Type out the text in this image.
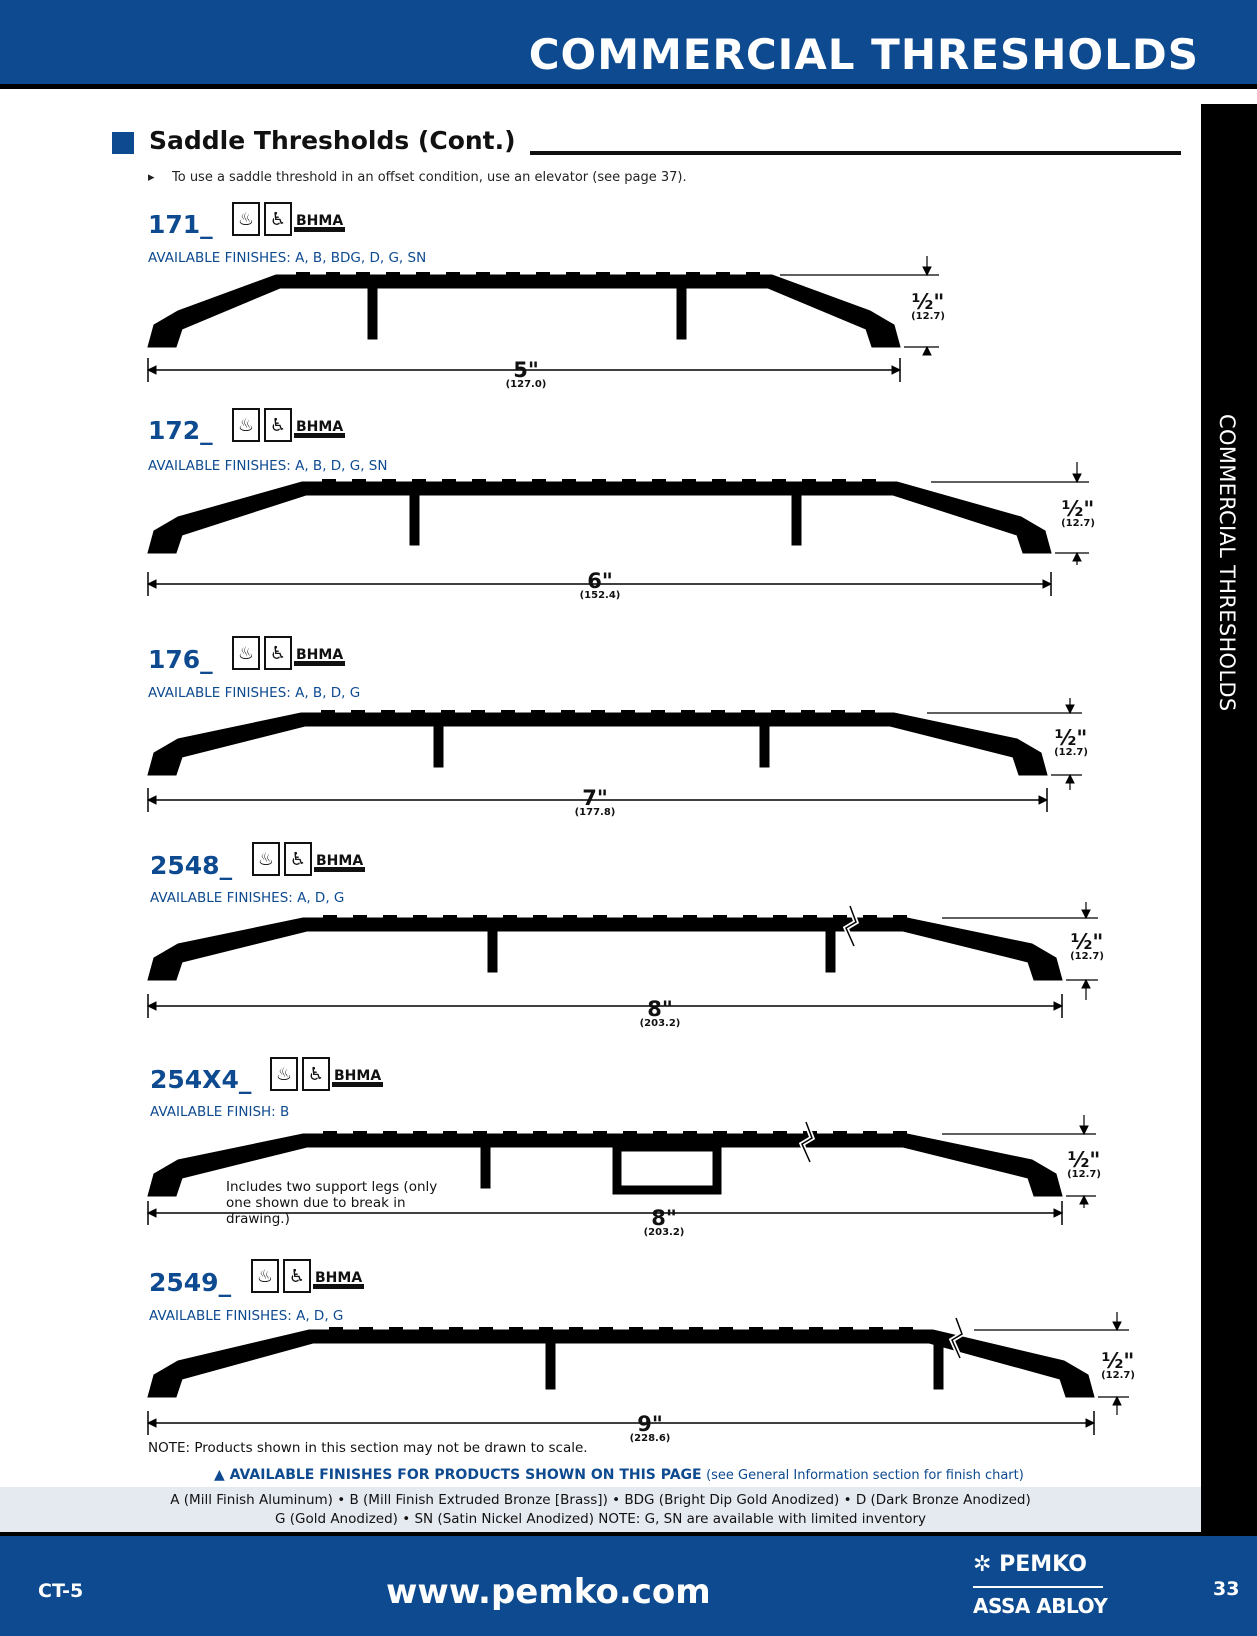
COMMERCIAL THRESHOLDS
COMMERCIAL THRESHOLDS
Saddle Thresholds (Cont.)
▸ To use a saddle threshold in an offset condition, use an elevator (see page 37).
171_
AVAILABLE FINISHES: A, B, BDG, D, G, SN
♨ ♿ BHMA
172_
AVAILABLE FINISHES: A, B, D, G, SN
♨ ♿ BHMA
176_
AVAILABLE FINISHES: A, B, D, G
♨ ♿ BHMA
2548_
AVAILABLE FINISHES: A, D, G
♨ ♿ BHMA
254X4_
AVAILABLE FINISH: B
♨ ♿ BHMA
2549_
AVAILABLE FINISHES: A, D, G
♨ ♿ BHMA
5"
(127.0)
½"
(12.7)
6"
(152.4)
½"
(12.7)
7"
(177.8)
½"
(12.7)
8"
(203.2)
½"
(12.7)
8"
(203.2)
½"
(12.7)
9"
(228.6)
½"
(12.7)
Includes two support legs (only one shown due to break in drawing.)
NOTE: Products shown in this section may not be drawn to scale.
▲ AVAILABLE FINISHES FOR PRODUCTS SHOWN ON THIS PAGE (see General Information section for finish chart)
A (Mill Finish Aluminum) • B (Mill Finish Extruded Bronze [Brass]) • BDG (Bright Dip Gold Anodized) • D (Dark Bronze Anodized)
G (Gold Anodized) • SN (Satin Nickel Anodized) NOTE: G, SN are available with limited inventory
CT-5	www.pemko.com
✲ PEMKO
ASSA ABLOY
33
